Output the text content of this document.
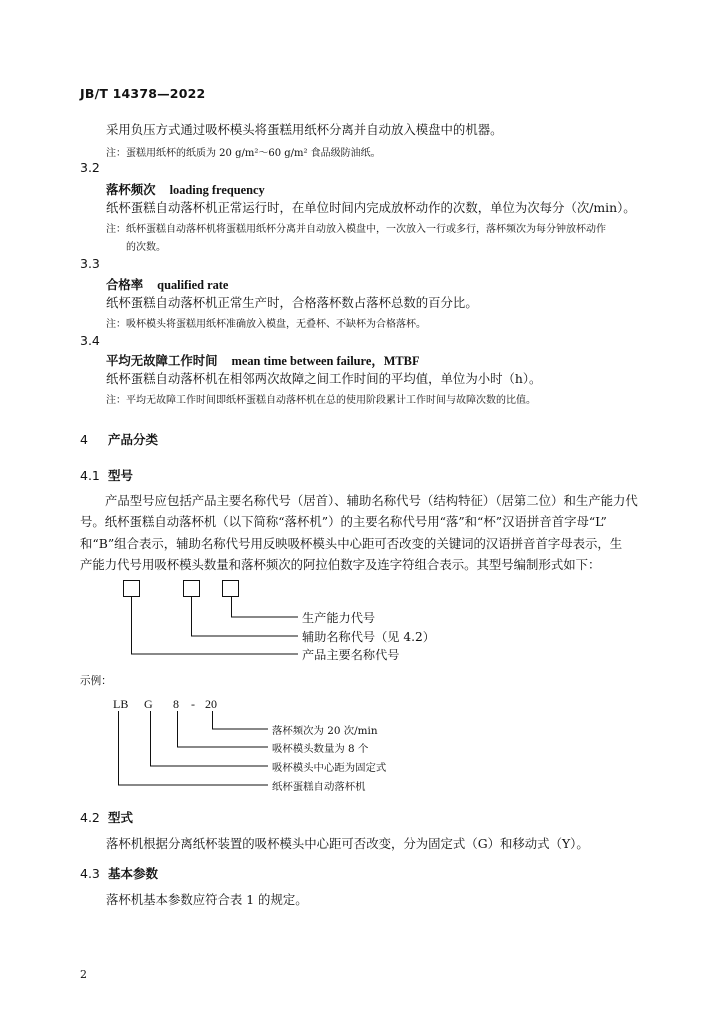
JB/T 14378—2022
采用负压方式通过吸杯模头将蛋糕用纸杯分离并自动放入模盘中的机器。
注：蛋糕用纸杯的纸质为 20 g/m²～60 g/m² 食品级防油纸。
3.2
落杯频次 loading frequency
纸杯蛋糕自动落杯机正常运行时，在单位时间内完成放杯动作的次数，单位为次每分（次/min）。
注：纸杯蛋糕自动落杯机将蛋糕用纸杯分离并自动放入模盘中，一次放入一行或多行，落杯频次为每分钟放杯动作
的次数。
3.3
合格率 qualified rate
纸杯蛋糕自动落杯机正常生产时，合格落杯数占落杯总数的百分比。
注：吸杯模头将蛋糕用纸杯准确放入模盘，无叠杯、不缺杯为合格落杯。
3.4
平均无故障工作时间 mean time between failure，MTBF
纸杯蛋糕自动落杯机在相邻两次故障之间工作时间的平均值，单位为小时（h）。
注：平均无故障工作时间即纸杯蛋糕自动落杯机在总的使用阶段累计工作时间与故障次数的比值。
4 产品分类
4.1 型号
产品型号应包括产品主要名称代号（居首）、辅助名称代号（结构特征）（居第二位）和生产能力代
号。纸杯蛋糕自动落杯机（以下简称“落杯机”）的主要名称代号用“落”和“杯”汉语拼音首字母“L”
和“B”组合表示，辅助名称代号用反映吸杯模头中心距可否改变的关键词的汉语拼音首字母表示，生
产能力代号用吸杯模头数量和落杯频次的阿拉伯数字及连字符组合表示。其型号编制形式如下：
生产能力代号
辅助名称代号（见 4.2）
产品主要名称代号
示例：
LB G 8 - 20
落杯频次为 20 次/min
吸杯模头数量为 8 个
吸杯模头中心距为固定式
纸杯蛋糕自动落杯机
4.2 型式
落杯机根据分离纸杯装置的吸杯模头中心距可否改变，分为固定式（G）和移动式（Y）。
4.3 基本参数
落杯机基本参数应符合表 1 的规定。
2
